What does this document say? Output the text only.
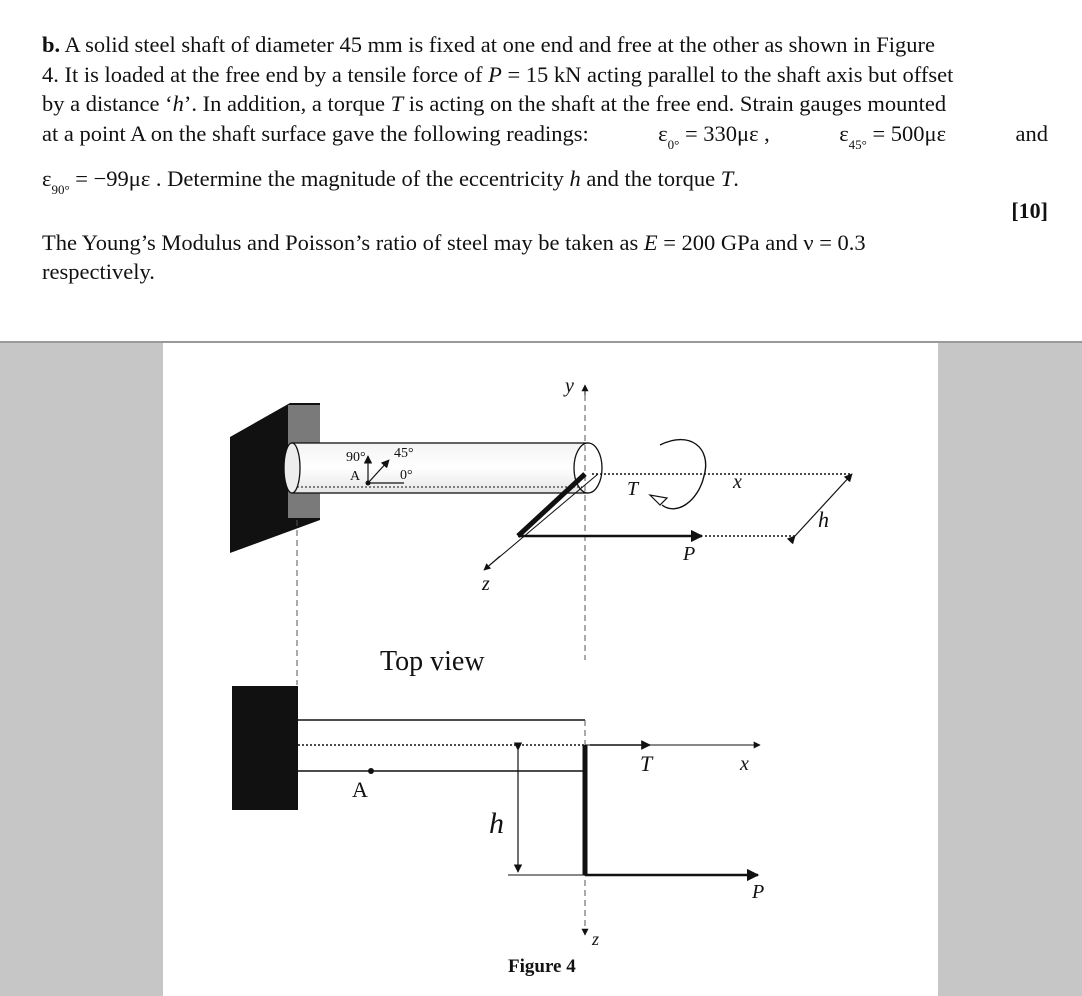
b. A solid steel shaft of diameter 45 mm is fixed at one end and free at the other as shown in Figure
4. It is loaded at the free end by a tensile force of P = 15 kN acting parallel to the shaft axis but offset
by a distance ‘h’. In addition, a torque T is acting on the shaft at the free end. Strain gauges mounted
at a point A on the shaft surface gave the following readings:	$\varepsilon_{0^\circ} = 330\mu\varepsilon$ ,	$\varepsilon_{45^\circ} = 500\mu\varepsilon$	and
$\varepsilon_{90^\circ} = -99\mu\varepsilon$ . Determine the magnitude of the eccentricity h and the torque T.
[10]
The Young’s Modulus and Poisson’s ratio of steel may be taken as E = 200 GPa and ν = 0.3
respectively.
y
x
z
T
P
h
90° 45°
0°
A
Top view
A
h
T	x
P
z
Figure 4
